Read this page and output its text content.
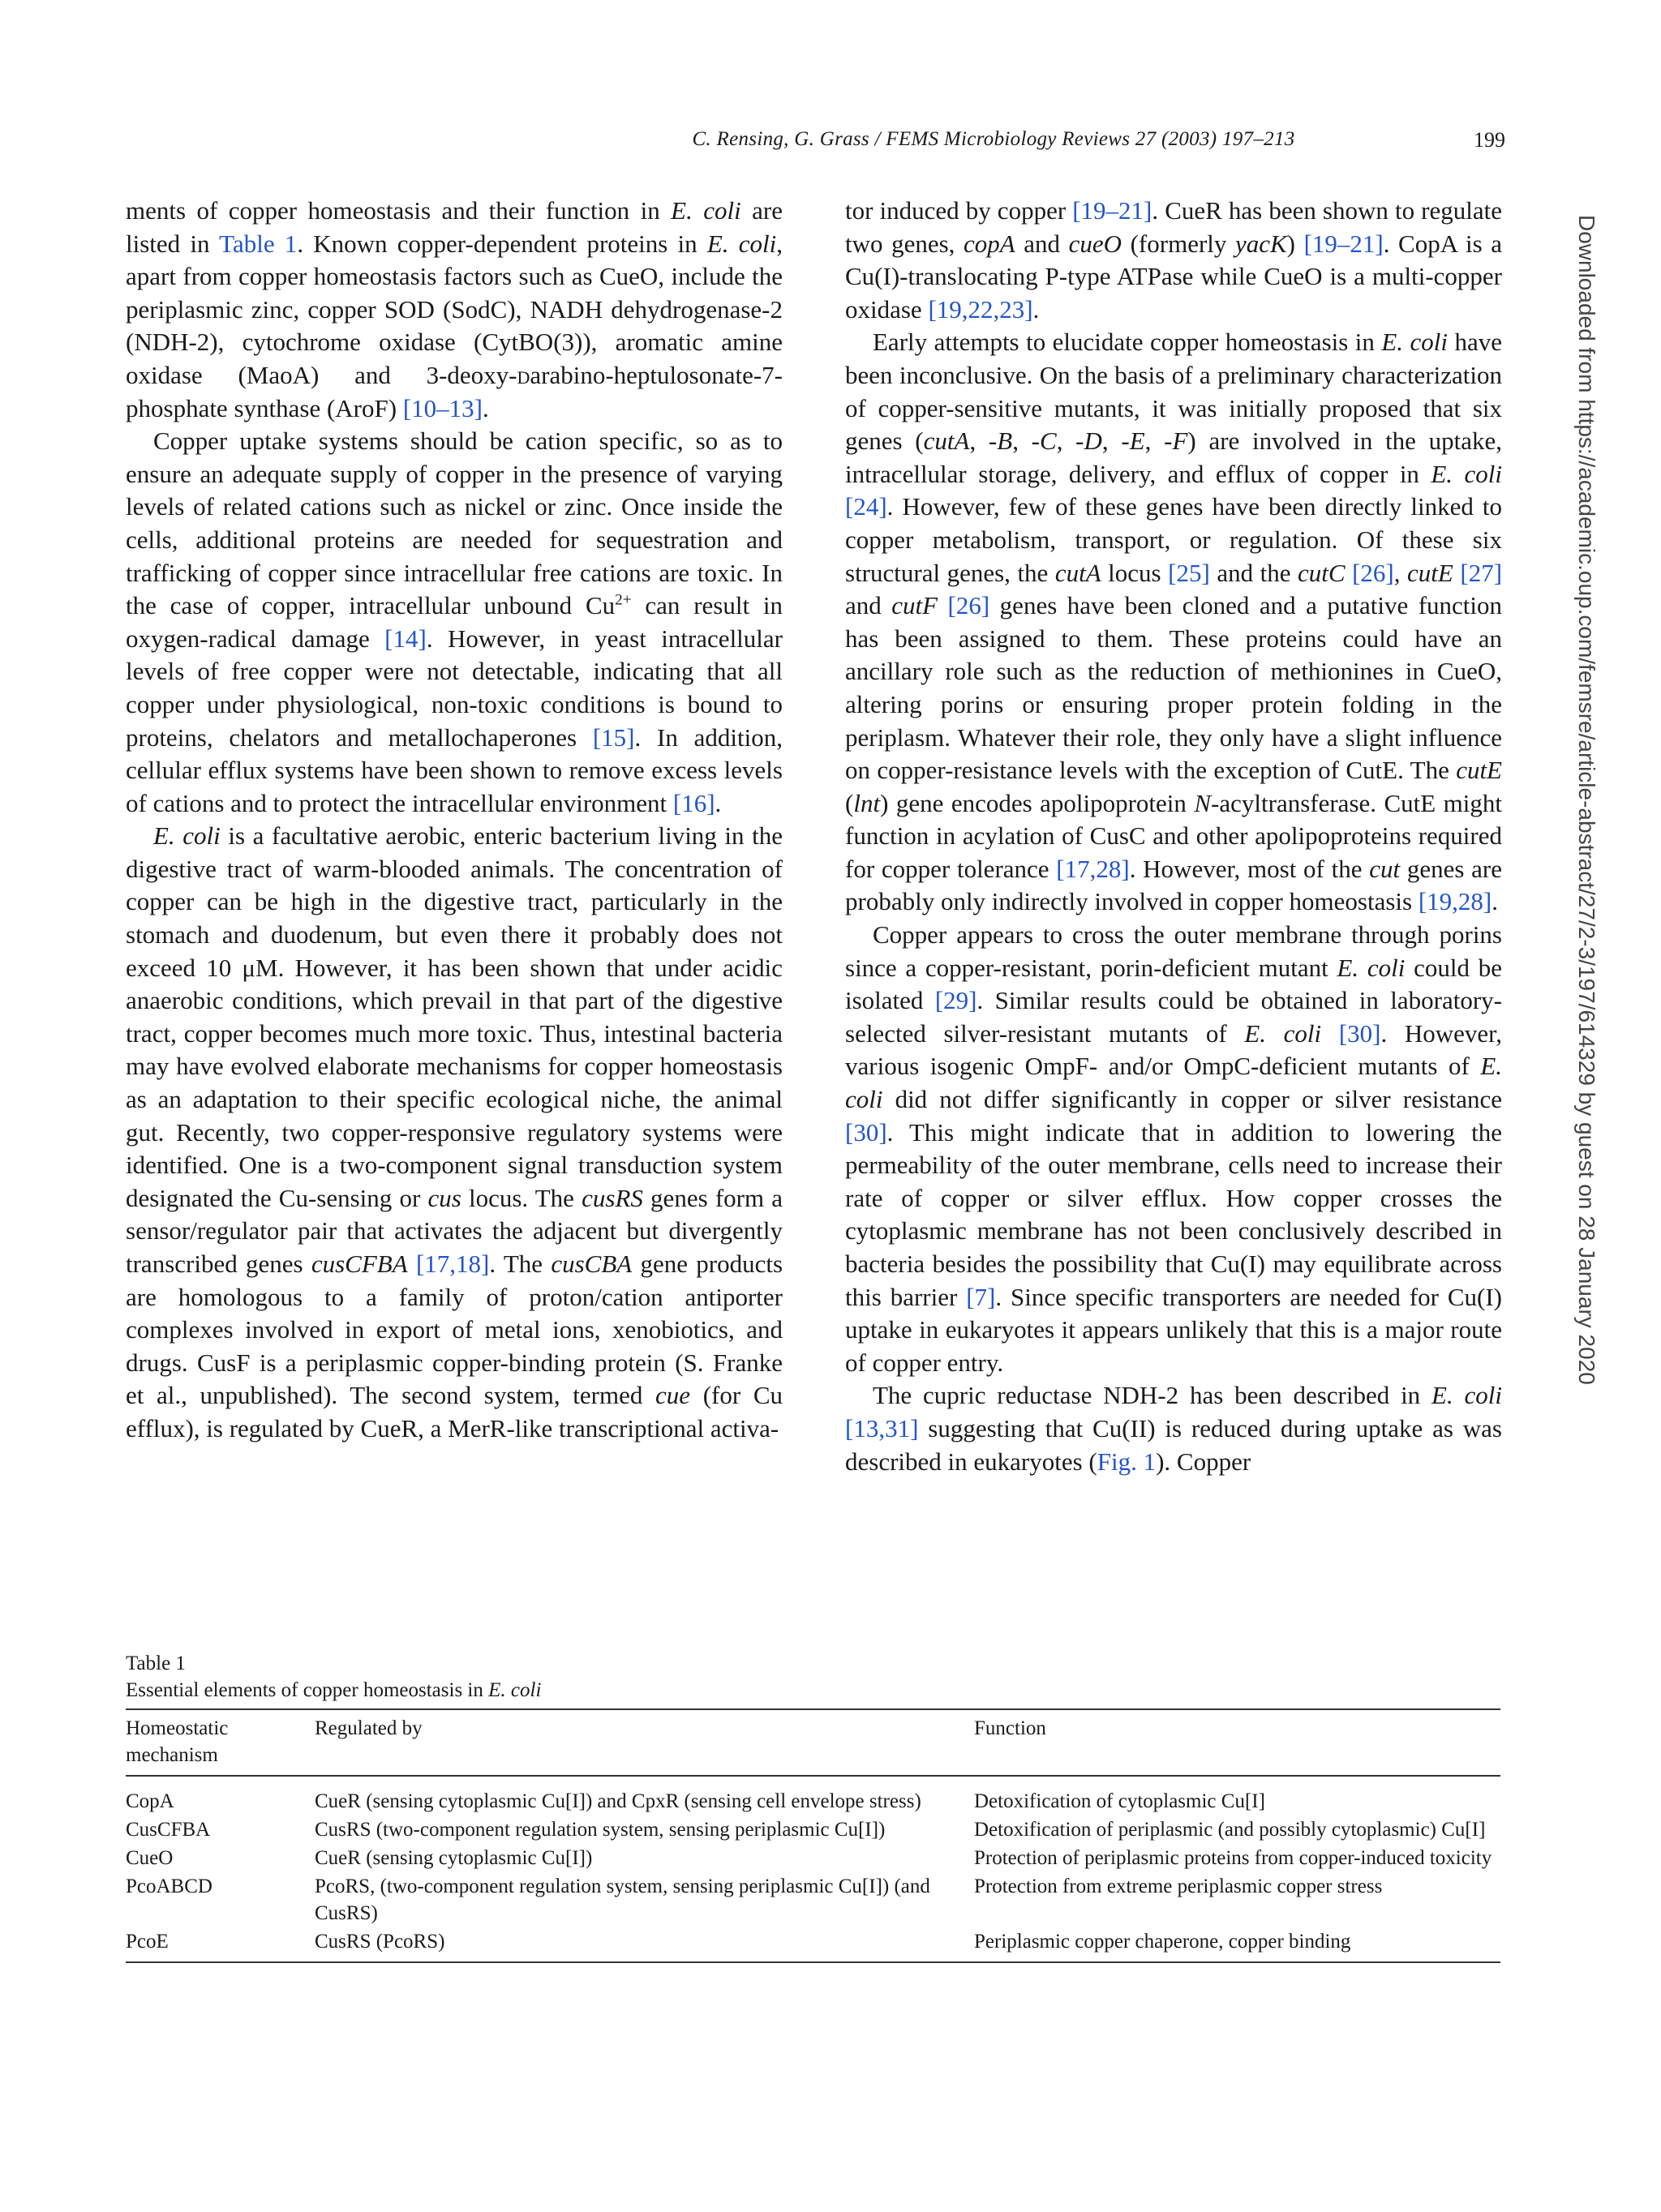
C. Rensing, G. Grass / FEMS Microbiology Reviews 27 (2003) 197–213	199

ments of copper homeostasis and their function in E. coli are listed in Table 1. Known copper-dependent proteins in E. coli, apart from copper homeostasis factors such as CueO, include the periplasmic zinc, copper SOD (SodC), NADH dehydrogenase-2 (NDH-2), cytochrome oxidase (CytBO(3)), aromatic amine oxidase (MaoA) and 3-deoxy-darabino-heptulosonate-7-phosphate synthase (AroF) [10–13].

Copper uptake systems should be cation specific, so as to ensure an adequate supply of copper in the presence of varying levels of related cations such as nickel or zinc. Once inside the cells, additional proteins are needed for sequestration and trafficking of copper since intracellular free cations are toxic. In the case of copper, intracellular unbound $Cu^{2+}$ can result in oxygen-radical damage [14]. However, in yeast intracellular levels of free copper were not detectable, indicating that all copper under physiological, non-toxic conditions is bound to proteins, chelators and metallochaperones [15]. In addition, cellular efflux systems have been shown to remove excess levels of cations and to protect the intracellular environment [16].

E. coli is a facultative aerobic, enteric bacterium living in the digestive tract of warm-blooded animals. The concentration of copper can be high in the digestive tract, particularly in the stomach and duodenum, but even there it probably does not exceed 10 μM. However, it has been shown that under acidic anaerobic conditions, which prevail in that part of the digestive tract, copper becomes much more toxic. Thus, intestinal bacteria may have evolved elaborate mechanisms for copper homeostasis as an adaptation to their specific ecological niche, the animal gut. Recently, two copper-responsive regulatory systems were identified. One is a two-component signal transduction system designated the Cu-sensing or cus locus. The cusRS genes form a sensor/regulator pair that activates the adjacent but divergently transcribed genes cusCFBA [17,18]. The cusCBA gene products are homologous to a family of proton/cation antiporter complexes involved in export of metal ions, xenobiotics, and drugs. CusF is a periplasmic copper-binding protein (S. Franke et al., unpublished). The second system, termed cue (for Cu efflux), is regulated by CueR, a MerR-like transcriptional activa-

tor induced by copper [19–21]. CueR has been shown to regulate two genes, copA and cueO (formerly yacK) [19–21]. CopA is a Cu(I)-translocating P-type ATPase while CueO is a multi-copper oxidase [19,22,23].

Early attempts to elucidate copper homeostasis in E. coli have been inconclusive. On the basis of a preliminary characterization of copper-sensitive mutants, it was initially proposed that six genes (cutA, -B, -C, -D, -E, -F) are involved in the uptake, intracellular storage, delivery, and efflux of copper in E. coli [24]. However, few of these genes have been directly linked to copper metabolism, transport, or regulation. Of these six structural genes, the cutA locus [25] and the cutC [26], cutE [27] and cutF [26] genes have been cloned and a putative function has been assigned to them. These proteins could have an ancillary role such as the reduction of methionines in CueO, altering porins or ensuring proper protein folding in the periplasm. Whatever their role, they only have a slight influence on copper-resistance levels with the exception of CutE. The cutE (lnt) gene encodes apolipoprotein N-acyltransferase. CutE might function in acylation of CusC and other apolipoproteins required for copper tolerance [17,28]. However, most of the cut genes are probably only indirectly involved in copper homeostasis [19,28].

Copper appears to cross the outer membrane through porins since a copper-resistant, porin-deficient mutant E. coli could be isolated [29]. Similar results could be obtained in laboratory-selected silver-resistant mutants of E. coli [30]. However, various isogenic OmpF- and/or OmpC-deficient mutants of E. coli did not differ significantly in copper or silver resistance [30]. This might indicate that in addition to lowering the permeability of the outer membrane, cells need to increase their rate of copper or silver efflux. How copper crosses the cytoplasmic membrane has not been conclusively described in bacteria besides the possibility that Cu(I) may equilibrate across this barrier [7]. Since specific transporters are needed for Cu(I) uptake in eukaryotes it appears unlikely that this is a major route of copper entry.

The cupric reductase NDH-2 has been described in E. coli [13,31] suggesting that Cu(II) is reduced during uptake as was described in eukaryotes (Fig. 1). Copper

Table 1

Essential elements of copper homeostasis in E. coli

Homeostatic mechanism	Regulated by	Function
CopA	CueR (sensing cytoplasmic Cu[I]) and CpxR (sensing cell envelope stress)	Detoxification of cytoplasmic Cu[I]
CusCFBA	CusRS (two-component regulation system, sensing periplasmic Cu[I])	Detoxification of periplasmic (and possibly cytoplasmic) Cu[I]
CueO	CueR (sensing cytoplasmic Cu[I])	Protection of periplasmic proteins from copper-induced toxicity
PcoABCD	PcoRS, (two-component regulation system, sensing periplasmic Cu[I]) (and CusRS)	Protection from extreme periplasmic copper stress
PcoE	CusRS (PcoRS)	Periplasmic copper chaperone, copper binding
Downloaded from https://academic.oup.com/femsre/article-abstract/27/2-3/197/614329 by guest on 28 January 2020
